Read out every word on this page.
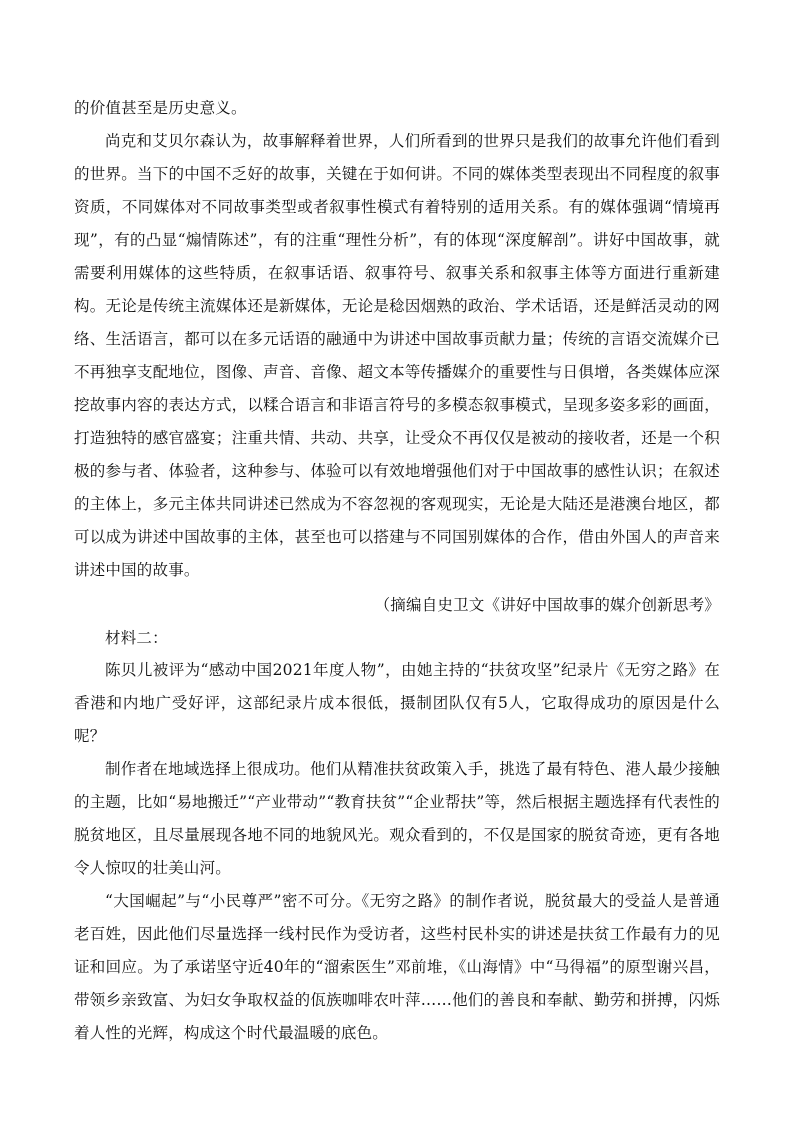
的价值甚至是历史意义。

尚克和艾贝尔森认为，故事解释着世界，人们所看到的世界只是我们的故事允许他们看到的世界。当下的中国不乏好的故事，关键在于如何讲。不同的媒体类型表现出不同程度的叙事资质，不同媒体对不同故事类型或者叙事性模式有着特别的适用关系。有的媒体强调“情境再现”，有的凸显“煽情陈述”，有的注重“理性分析”，有的体现“深度解剖”。讲好中国故事，就需要利用媒体的这些特质，在叙事话语、叙事符号、叙事关系和叙事主体等方面进行重新建构。无论是传统主流媒体还是新媒体，无论是稔因烟熟的政治、学术话语，还是鲜活灵动的网络、生活语言，都可以在多元话语的融通中为讲述中国故事贡献力量；传统的言语交流媒介已不再独享支配地位，图像、声音、音像、超文本等传播媒介的重要性与日俱增，各类媒体应深挖故事内容的表达方式，以糅合语言和非语言符号的多模态叙事模式，呈现多姿多彩的画面，打造独特的感官盛宴；注重共情、共动、共享，让受众不再仅仅是被动的接收者，还是一个积极的参与者、体验者，这种参与、体验可以有效地增强他们对于中国故事的感性认识；在叙述的主体上，多元主体共同讲述已然成为不容忽视的客观现实，无论是大陆还是港澳台地区，都可以成为讲述中国故事的主体，甚至也可以搭建与不同国别媒体的合作，借由外国人的声音来讲述中国的故事。

（摘编自史卫文《讲好中国故事的媒介创新思考》

材料二：

陈贝儿被评为“感动中国2021年度人物”，由她主持的“扶贫攻坚”纪录片《无穷之路》在香港和内地广受好评，这部纪录片成本很低，摄制团队仅有5人，它取得成功的原因是什么呢？

制作者在地域选择上很成功。他们从精准扶贫政策入手，挑选了最有特色、港人最少接触的主题，比如“易地搬迁”“产业带动”“教育扶贫”“企业帮扶”等，然后根据主题选择有代表性的脱贫地区，且尽量展现各地不同的地貌风光。观众看到的，不仅是国家的脱贫奇迹，更有各地令人惊叹的壮美山河。

“大国崛起”与“小民尊严”密不可分。《无穷之路》的制作者说，脱贫最大的受益人是普通老百姓，因此他们尽量选择一线村民作为受访者，这些村民朴实的讲述是扶贫工作最有力的见证和回应。为了承诺坚守近40年的“溜索医生”邓前堆，《山海情》中“马得福”的原型谢兴昌，带领乡亲致富、为妇女争取权益的佤族咖啡农叶萍……他们的善良和奉献、勤劳和拼搏，闪烁着人性的光辉，构成这个时代最温暖的底色。
